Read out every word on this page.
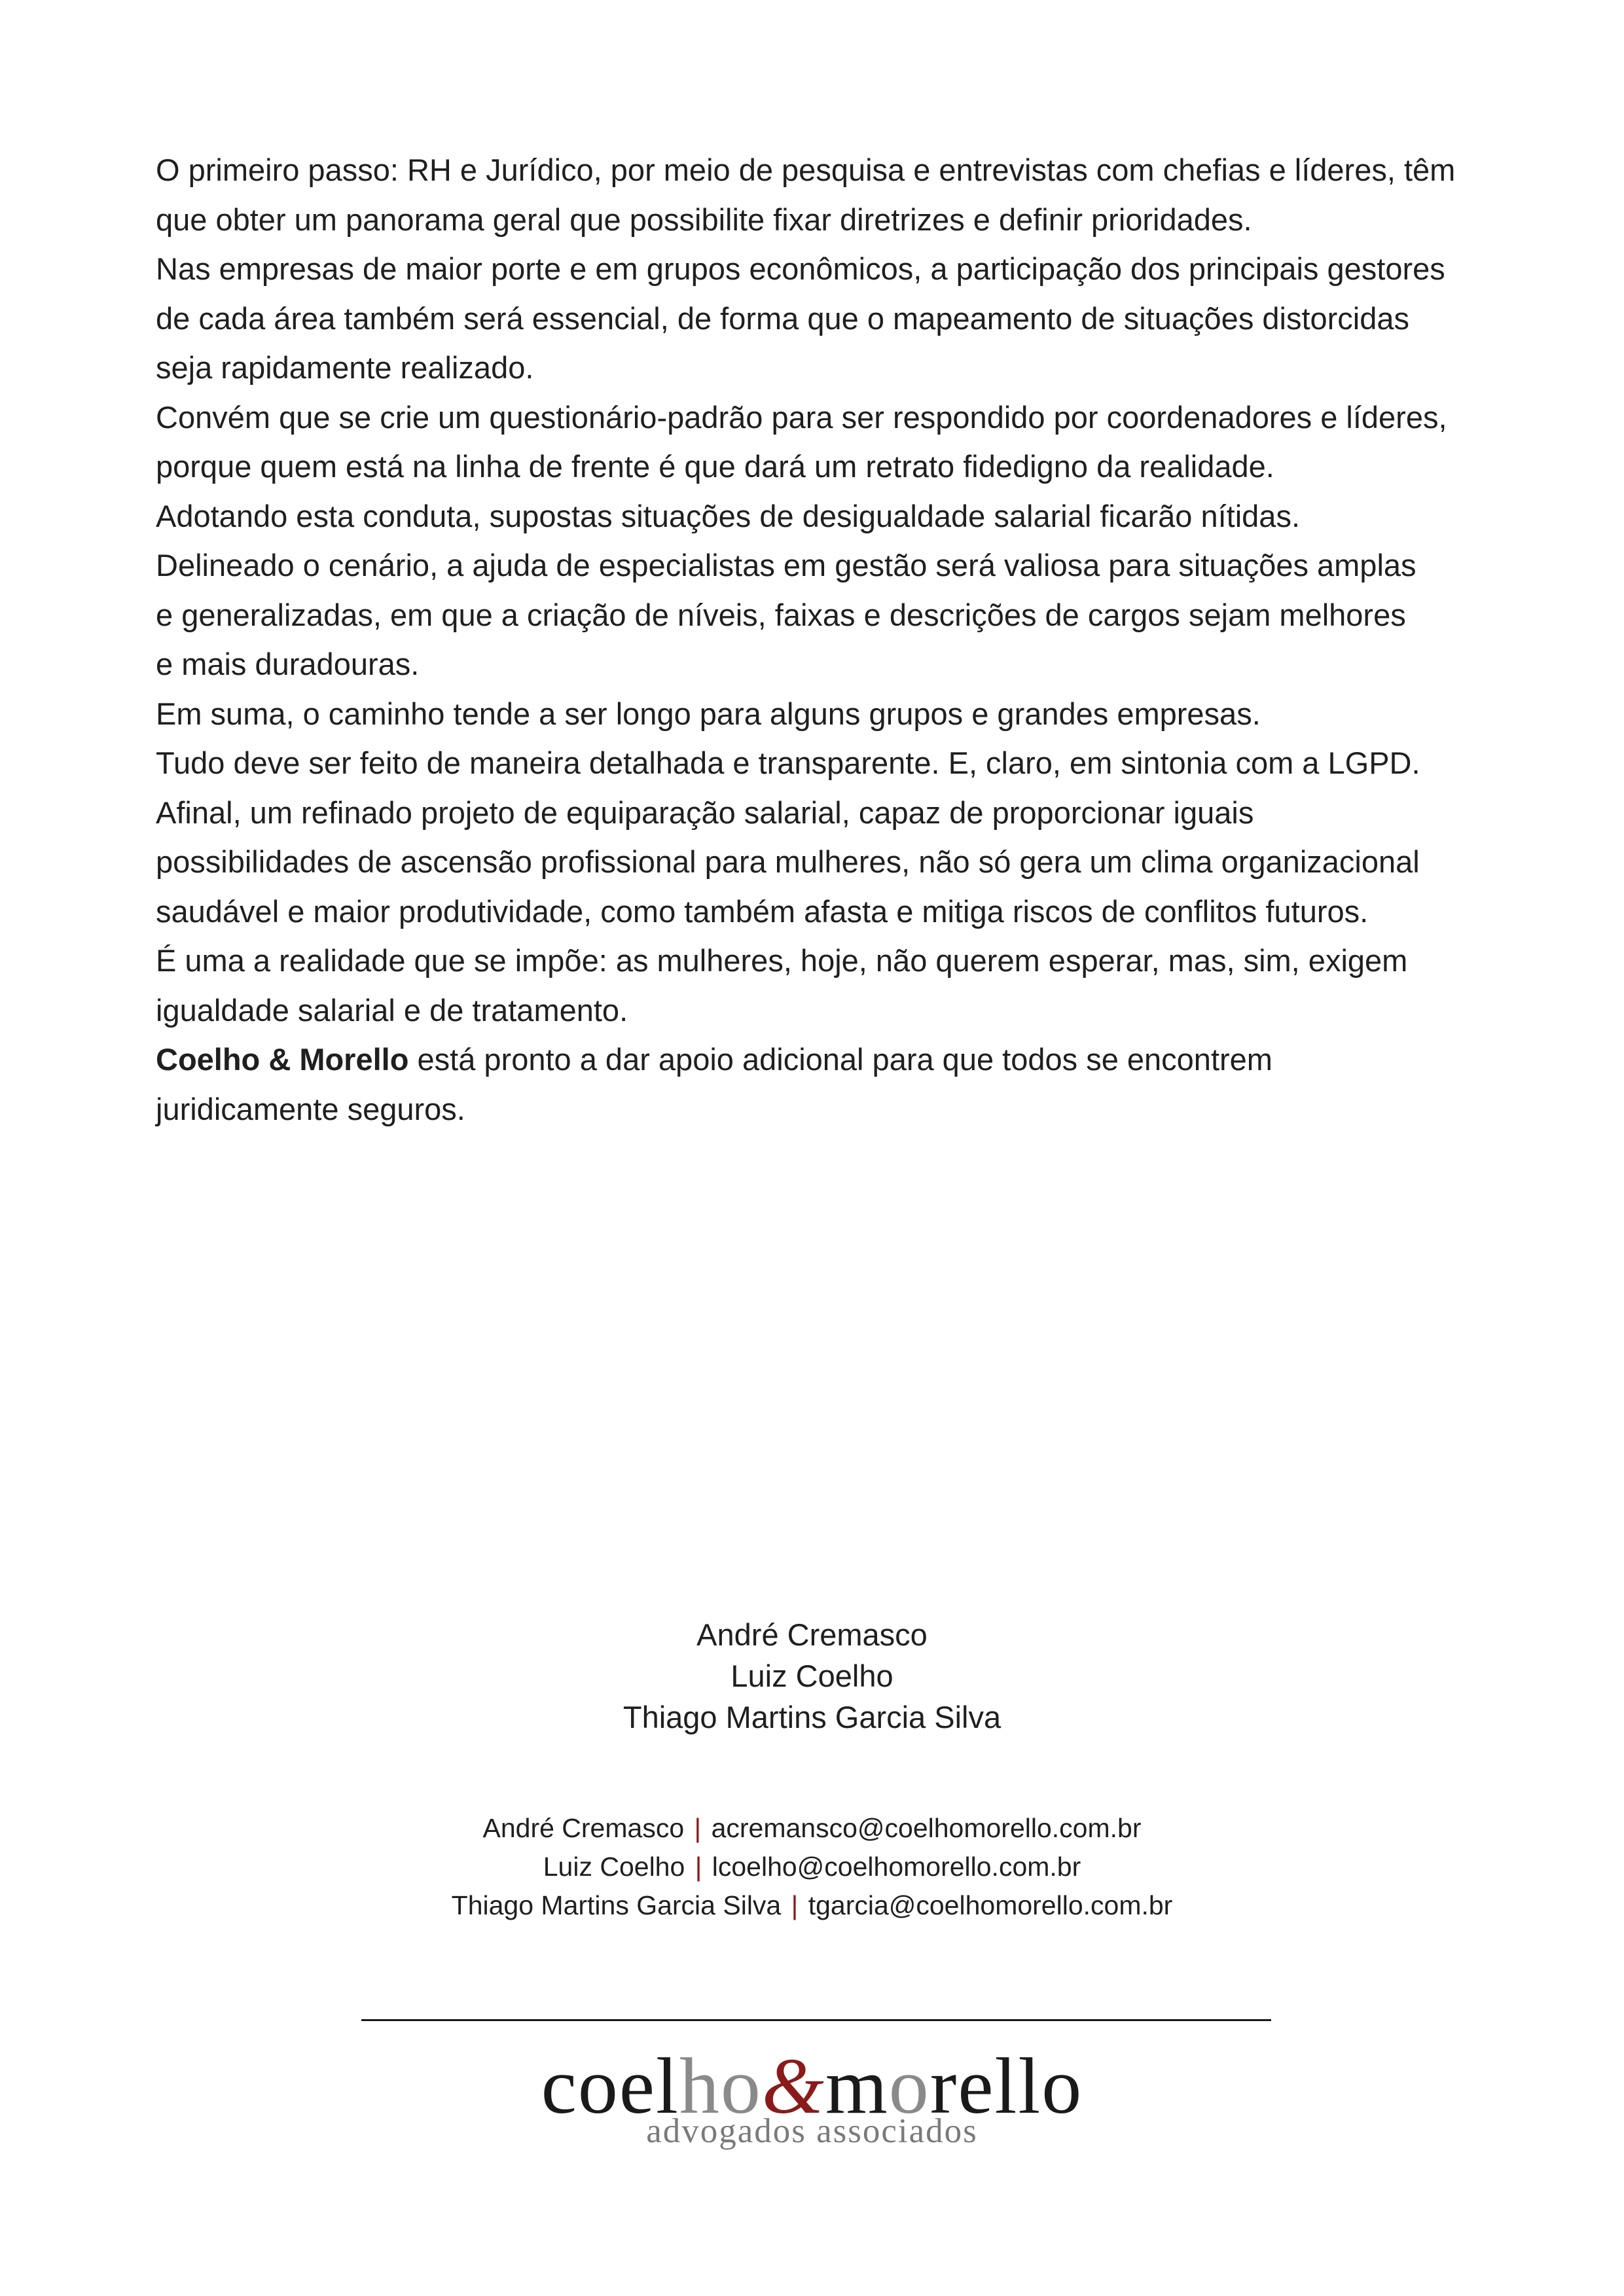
O primeiro passo: RH e Jurídico, por meio de pesquisa e entrevistas com chefias e líderes, têm
que obter um panorama geral que possibilite fixar diretrizes e definir prioridades.

Nas empresas de maior porte e em grupos econômicos, a participação dos principais gestores
de cada área também será essencial, de forma que o mapeamento de situações distorcidas
seja rapidamente realizado.

Convém que se crie um questionário-padrão para ser respondido por coordenadores e líderes,
porque quem está na linha de frente é que dará um retrato fidedigno da realidade.

Adotando esta conduta, supostas situações de desigualdade salarial ficarão nítidas.

Delineado o cenário, a ajuda de especialistas em gestão será valiosa para situações amplas
e generalizadas, em que a criação de níveis, faixas e descrições de cargos sejam melhores
e mais duradouras.

Em suma, o caminho tende a ser longo para alguns grupos e grandes empresas.

Tudo deve ser feito de maneira detalhada e transparente. E, claro, em sintonia com a LGPD.

Afinal, um refinado projeto de equiparação salarial, capaz de proporcionar iguais
possibilidades de ascensão profissional para mulheres, não só gera um clima organizacional
saudável e maior produtividade, como também afasta e mitiga riscos de conflitos futuros.

É uma a realidade que se impõe: as mulheres, hoje, não querem esperar, mas, sim, exigem
igualdade salarial e de tratamento.

Coelho & Morello está pronto a dar apoio adicional para que todos se encontrem
juridicamente seguros.

André Cremasco
Luiz Coelho
Thiago Martins Garcia Silva
André Cremasco | acremansco@coelhomorello.com.br
Luiz Coelho | lcoelho@coelhomorello.com.br
Thiago Martins Garcia Silva | tgarcia@coelhomorello.com.br
coelho&morello
advogados associados
